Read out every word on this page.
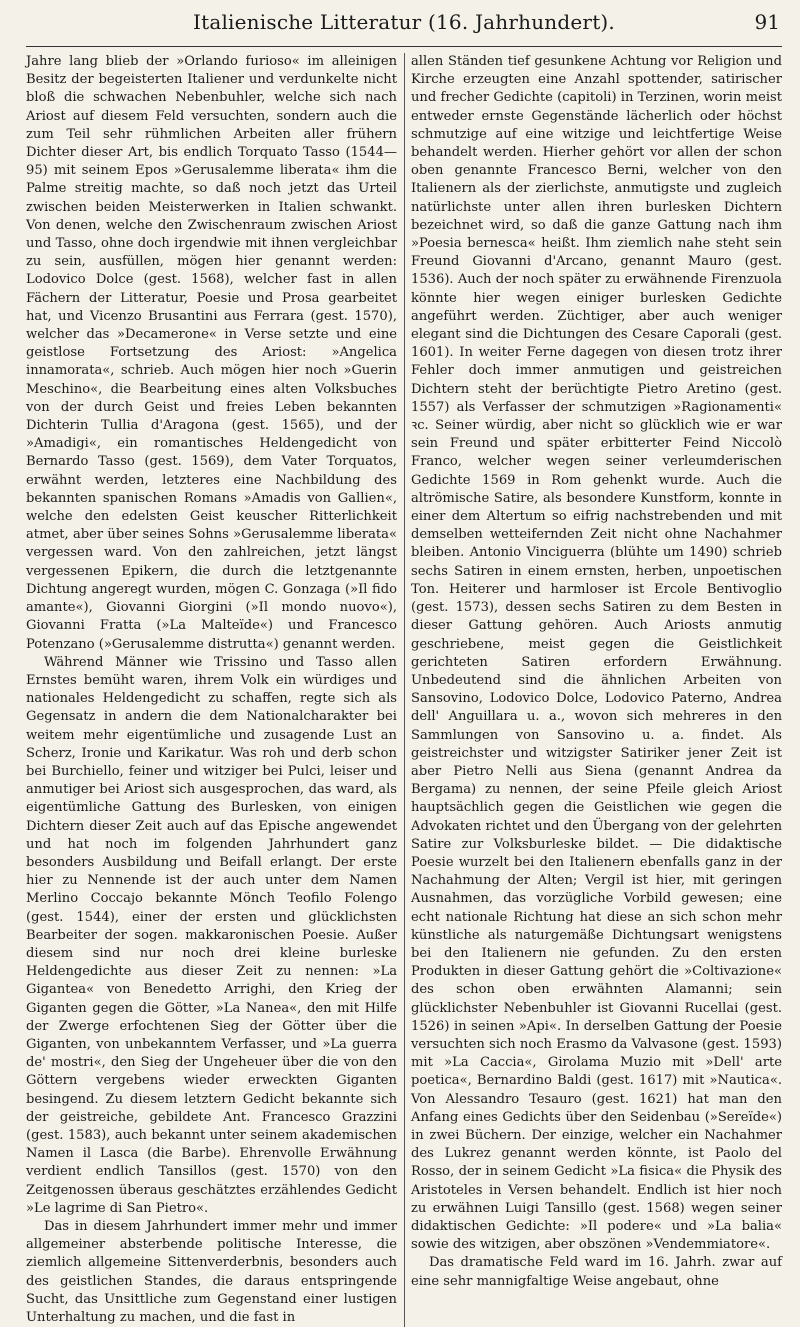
Italienische Litteratur (16. Jahrhundert).	91

Jahre lang blieb der »Orlando furioso« im alleinigen Besitz der begeisterten Italiener und verdunkelte nicht bloß die schwachen Nebenbuhler, welche sich nach Ariost auf diesem Feld versuchten, sondern auch die zum Teil sehr rühmlichen Arbeiten aller frühern Dichter dieser Art, bis endlich Torquato Tasso (1544—95) mit seinem Epos »Gerusalemme liberata« ihm die Palme streitig machte, so daß noch jetzt das Urteil zwischen beiden Meisterwerken in Italien schwankt. Von denen, welche den Zwischenraum zwischen Ariost und Tasso, ohne doch irgendwie mit ihnen vergleichbar zu sein, ausfüllen, mögen hier genannt werden: Lodovico Dolce (gest. 1568), welcher fast in allen Fächern der Litteratur, Poesie und Prosa gearbeitet hat, und Vicenzo Brusantini aus Ferrara (gest. 1570), welcher das »Decamerone« in Verse setzte und eine geistlose Fortsetzung des Ariost: »Angelica innamorata«, schrieb. Auch mögen hier noch »Guerin Meschino«, die Bearbeitung eines alten Volksbuches von der durch Geist und freies Leben bekannten Dichterin Tullia d'Aragona (gest. 1565), und der »Amadigi«, ein romantisches Heldengedicht von Bernardo Tasso (gest. 1569), dem Vater Torquatos, erwähnt werden, letzteres eine Nachbildung des bekannten spanischen Romans »Amadis von Gallien«, welche den edelsten Geist keuscher Ritterlichkeit atmet, aber über seines Sohns »Gerusalemme liberata« vergessen ward. Von den zahlreichen, jetzt längst vergessenen Epikern, die durch die letztgenannte Dichtung angeregt wurden, mögen C. Gonzaga (»Il fido amante«), Giovanni Giorgini (»Il mondo nuovo«), Giovanni Fratta (»La Malteïde«) und Francesco Potenzano (»Gerusalemme distrutta«) genannt werden.

Während Männer wie Trissino und Tasso allen Ernstes bemüht waren, ihrem Volk ein würdiges und nationales Heldengedicht zu schaffen, regte sich als Gegensatz in andern die dem Nationalcharakter bei weitem mehr eigentümliche und zusagende Lust an Scherz, Ironie und Karikatur. Was roh und derb schon bei Burchiello, feiner und witziger bei Pulci, leiser und anmutiger bei Ariost sich ausgesprochen, das ward, als eigentümliche Gattung des Burlesken, von einigen Dichtern dieser Zeit auch auf das Epische angewendet und hat noch im folgenden Jahrhundert ganz besonders Ausbildung und Beifall erlangt. Der erste hier zu Nennende ist der auch unter dem Namen Merlino Coccajo bekannte Mönch Teofilo Folengo (gest. 1544), einer der ersten und glücklichsten Bearbeiter der sogen. makkaronischen Poesie. Außer diesem sind nur noch drei kleine burleske Heldengedichte aus dieser Zeit zu nennen: »La Gigantea« von Benedetto Arrighi, den Krieg der Giganten gegen die Götter, »La Nanea«, den mit Hilfe der Zwerge erfochtenen Sieg der Götter über die Giganten, von unbekanntem Verfasser, und »La guerra de' mostri«, den Sieg der Ungeheuer über die von den Göttern vergebens wieder erweckten Giganten besingend. Zu diesem letztern Gedicht bekannte sich der geistreiche, gebildete Ant. Francesco Grazzini (gest. 1583), auch bekannt unter seinem akademischen Namen il Lasca (die Barbe). Ehrenvolle Erwähnung verdient endlich Tansillos (gest. 1570) von den Zeitgenossen überaus geschätztes erzählendes Gedicht »Le lagrime di San Pietro«.

Das in diesem Jahrhundert immer mehr und immer allgemeiner absterbende politische Interesse, die ziemlich allgemeine Sittenverderbnis, besonders auch des geistlichen Standes, die daraus entspringende Sucht, das Unsittliche zum Gegenstand einer lustigen Unterhaltung zu machen, und die fast in

allen Ständen tief gesunkene Achtung vor Religion und Kirche erzeugten eine Anzahl spottender, satirischer und frecher Gedichte (capitoli) in Terzinen, worin meist entweder ernste Gegenstände lächerlich oder höchst schmutzige auf eine witzige und leichtfertige Weise behandelt werden. Hierher gehört vor allen der schon oben genannte Francesco Berni, welcher von den Italienern als der zierlichste, anmutigste und zugleich natürlichste unter allen ihren burlesken Dichtern bezeichnet wird, so daß die ganze Gattung nach ihm »Poesia bernesca« heißt. Ihm ziemlich nahe steht sein Freund Giovanni d'Arcano, genannt Mauro (gest. 1536). Auch der noch später zu erwähnende Firenzuola könnte hier wegen einiger burlesken Gedichte angeführt werden. Züchtiger, aber auch weniger elegant sind die Dichtungen des Cesare Caporali (gest. 1601). In weiter Ferne dagegen von diesen trotz ihrer Fehler doch immer anmutigen und geistreichen Dichtern steht der berüchtigte Pietro Aretino (gest. 1557) als Verfasser der schmutzigen »Ragionamenti« ꝛc. Seiner würdig, aber nicht so glücklich wie er war sein Freund und später erbitterter Feind Niccolò Franco, welcher wegen seiner verleumderischen Gedichte 1569 in Rom gehenkt wurde. Auch die altrömische Satire, als besondere Kunstform, konnte in einer dem Altertum so eifrig nachstrebenden und mit demselben wetteifernden Zeit nicht ohne Nachahmer bleiben. Antonio Vinciguerra (blühte um 1490) schrieb sechs Satiren in einem ernsten, herben, unpoetischen Ton. Heiterer und harmloser ist Ercole Bentivoglio (gest. 1573), dessen sechs Satiren zu dem Besten in dieser Gattung gehören. Auch Ariosts anmutig geschriebene, meist gegen die Geistlichkeit gerichteten Satiren erfordern Erwähnung. Unbedeutend sind die ähnlichen Arbeiten von Sansovino, Lodovico Dolce, Lodovico Paterno, Andrea dell' Anguillara u. a., wovon sich mehreres in den Sammlungen von Sansovino u. a. findet. Als geistreichster und witzigster Satiriker jener Zeit ist aber Pietro Nelli aus Siena (genannt Andrea da Bergama) zu nennen, der seine Pfeile gleich Ariost hauptsächlich gegen die Geistlichen wie gegen die Advokaten richtet und den Übergang von der gelehrten Satire zur Volksburleske bildet. — Die didaktische Poesie wurzelt bei den Italienern ebenfalls ganz in der Nachahmung der Alten; Vergil ist hier, mit geringen Ausnahmen, das vorzügliche Vorbild gewesen; eine echt nationale Richtung hat diese an sich schon mehr künstliche als naturgemäße Dichtungsart wenigstens bei den Italienern nie gefunden. Zu den ersten Produkten in dieser Gattung gehört die »Coltivazione« des schon oben erwähnten Alamanni; sein glücklichster Nebenbuhler ist Giovanni Rucellai (gest. 1526) in seinen »Api«. In derselben Gattung der Poesie versuchten sich noch Erasmo da Valvasone (gest. 1593) mit »La Caccia«, Girolama Muzio mit »Dell' arte poetica«, Bernardino Baldi (gest. 1617) mit »Nautica«. Von Alessandro Tesauro (gest. 1621) hat man den Anfang eines Gedichts über den Seidenbau (»Sereïde«) in zwei Büchern. Der einzige, welcher ein Nachahmer des Lukrez genannt werden könnte, ist Paolo del Rosso, der in seinem Gedicht »La fisica« die Physik des Aristoteles in Versen behandelt. Endlich ist hier noch zu erwähnen Luigi Tansillo (gest. 1568) wegen seiner didaktischen Gedichte: »Il podere« und »La balia« sowie des witzigen, aber obszönen »Vendemmiatore«.

Das dramatische Feld ward im 16. Jahrh. zwar auf eine sehr mannigfaltige Weise angebaut, ohne
